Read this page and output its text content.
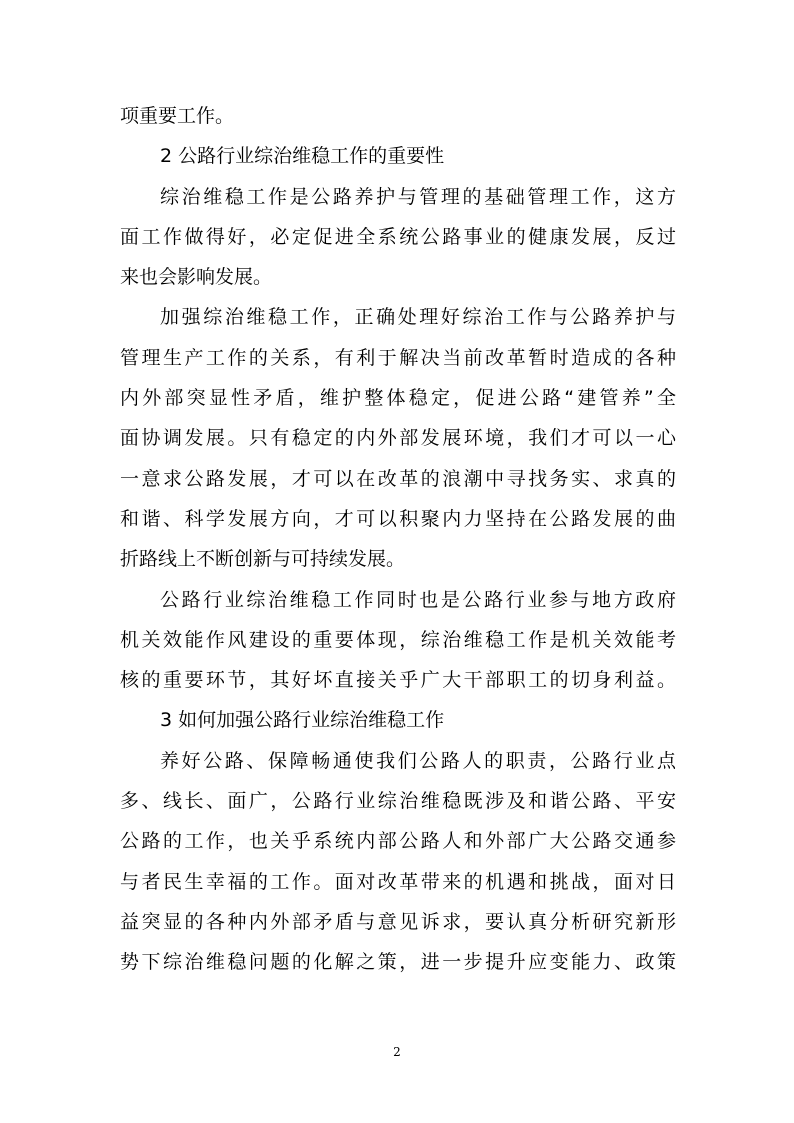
项重要工作。
2 公路行业综治维稳工作的重要性
综治维稳工作是公路养护与管理的基础管理工作，这方
面工作做得好，必定促进全系统公路事业的健康发展，反过
来也会影响发展。
加强综治维稳工作，正确处理好综治工作与公路养护与
管理生产工作的关系，有利于解决当前改革暂时造成的各种
内外部突显性矛盾，维护整体稳定，促进公路“建管养”全
面协调发展。只有稳定的内外部发展环境，我们才可以一心
一意求公路发展，才可以在改革的浪潮中寻找务实、求真的
和谐、科学发展方向，才可以积聚内力坚持在公路发展的曲
折路线上不断创新与可持续发展。
公路行业综治维稳工作同时也是公路行业参与地方政府
机关效能作风建设的重要体现，综治维稳工作是机关效能考
核的重要环节，其好坏直接关乎广大干部职工的切身利益。
3 如何加强公路行业综治维稳工作
养好公路、保障畅通使我们公路人的职责，公路行业点
多、线长、面广，公路行业综治维稳既涉及和谐公路、平安
公路的工作，也关乎系统内部公路人和外部广大公路交通参
与者民生幸福的工作。面对改革带来的机遇和挑战，面对日
益突显的各种内外部矛盾与意见诉求，要认真分析研究新形
势下综治维稳问题的化解之策，进一步提升应变能力、政策
2
